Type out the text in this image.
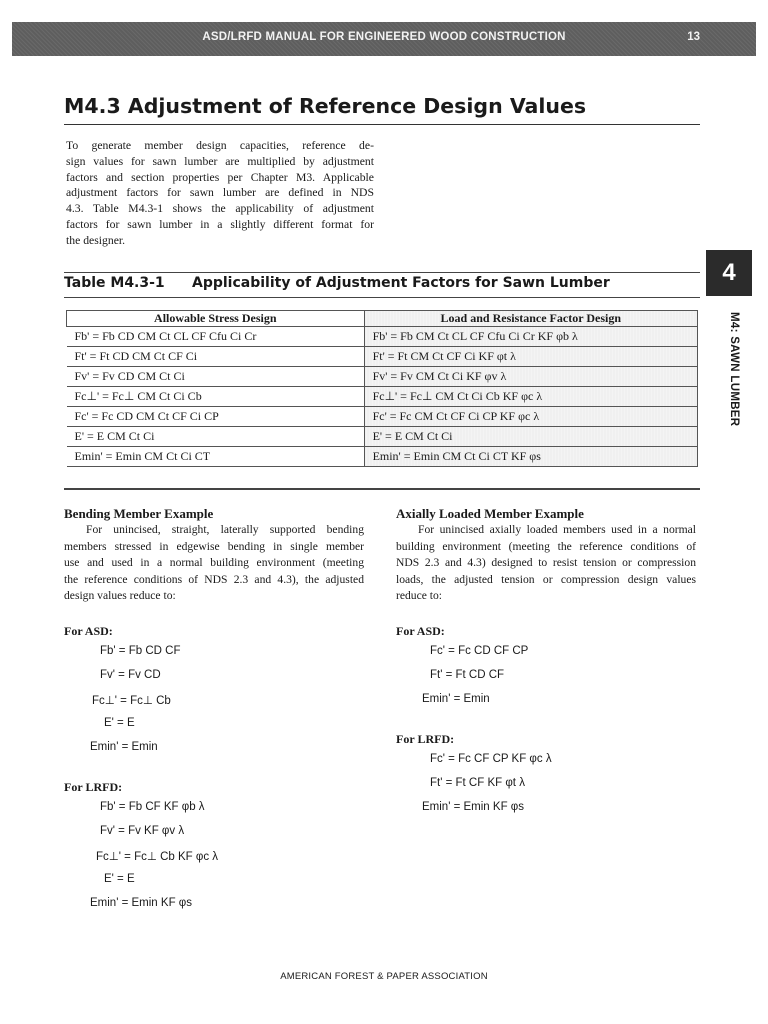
ASD/LRFD MANUAL FOR ENGINEERED WOOD CONSTRUCTION	13
M4.3 Adjustment of Reference Design Values

To generate member design capacities, reference de-
sign values for sawn lumber are multiplied by adjustment
factors and section properties per Chapter M3. Applicable
adjustment factors for sawn lumber are defined in NDS
4.3. Table M4.3-1 shows the applicability of adjustment
factors for sawn lumber in a slightly different format for
the designer.

4
M4: SAWN LUMBER
Table M4.3-1 Applicability of Adjustment Factors for Sawn Lumber
Allowable Stress Design	Load and Resistance Factor Design
Fb' = Fb CD CM Ct CL CF Cfu Ci Cr	Fb' = Fb CM Ct CL CF Cfu Ci Cr KF φb λ
Ft' = Ft CD CM Ct CF Ci	Ft' = Ft CM Ct CF Ci KF φt λ
Fv' = Fv CD CM Ct Ci	Fv' = Fv CM Ct Ci KF φv λ
Fc⊥' = Fc⊥ CM Ct Ci Cb	Fc⊥' = Fc⊥ CM Ct Ci Cb KF φc λ
Fc' = Fc CD CM Ct CF Ci CP	Fc' = Fc CM Ct CF Ci CP KF φc λ
E' = E CM Ct Ci	E' = E CM Ct Ci
Emin' = Emin CM Ct Ci CT	Emin' = Emin CM Ct Ci CT KF φs

Bending Member Example

For unincised, straight, laterally supported bending
members stressed in edgewise bending in single member
use and used in a normal building environment (meeting
the reference conditions of NDS 2.3 and 4.3), the adjusted
design values reduce to:

For ASD:
Fb' = Fb CD CF
Fv' = Fv CD
Fc⊥' = Fc⊥ Cb
E' = E
Emin' = Emin
For LRFD:
Fb' = Fb CF KF φb λ
Fv' = Fv KF φv λ
Fc⊥' = Fc⊥ Cb KF φc λ
E' = E
Emin' = Emin KF φs

Axially Loaded Member Example

For unincised axially loaded members used in a normal
building environment (meeting the reference conditions of
NDS 2.3 and 4.3) designed to resist tension or compression
loads, the adjusted tension or compression design values
reduce to:

For ASD:
Fc' = Fc CD CF CP
Ft' = Ft CD CF
Emin' = Emin
For LRFD:
Fc' = Fc CF CP KF φc λ
Ft' = Ft CF KF φt λ
Emin' = Emin KF φs
AMERICAN FOREST & PAPER ASSOCIATION
